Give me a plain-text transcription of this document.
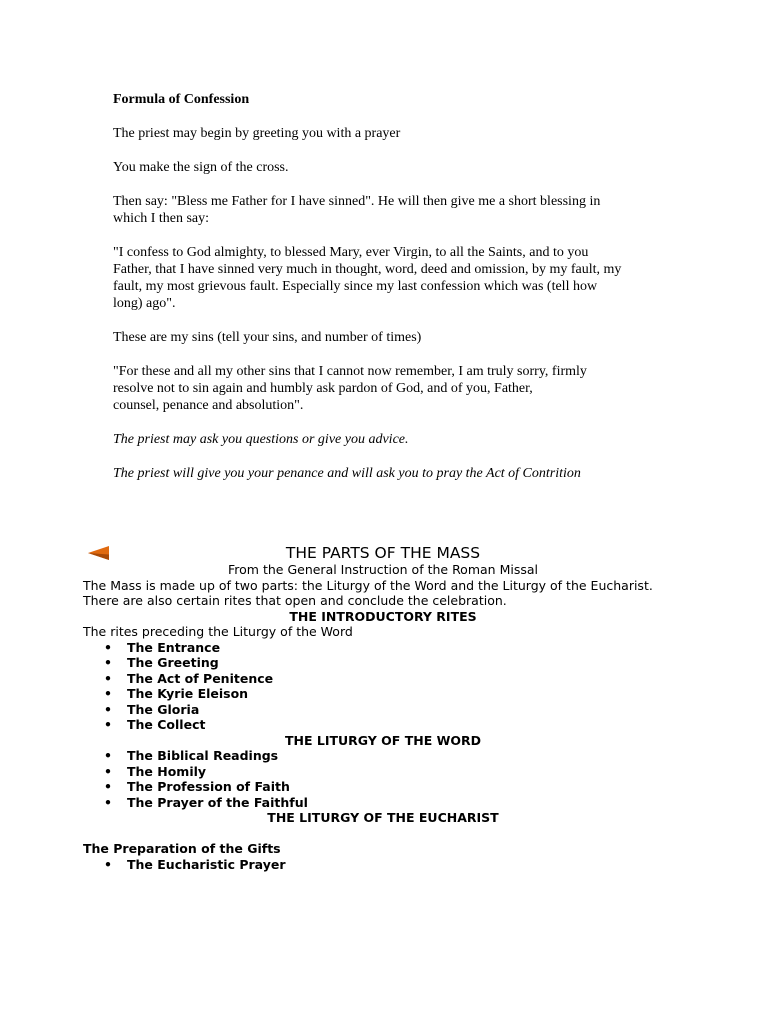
Formula of Confession

The priest may begin by greeting you with a prayer

You make the sign of the cross.

Then say: "Bless me Father for I have sinned". He will then give me a short blessing in
which I then say:

"I confess to God almighty, to blessed Mary, ever Virgin, to all the Saints, and to you
Father, that I have sinned very much in thought, word, deed and omission, by my fault, my
fault, my most grievous fault. Especially since my last confession which was (tell how
long) ago".

These are my sins (tell your sins, and number of times)

"For these and all my other sins that I cannot now remember, I am truly sorry, firmly
resolve not to sin again and humbly ask pardon of God, and of you, Father,
counsel, penance and absolution".

The priest may ask you questions or give you advice.

The priest will give you your penance and will ask you to pray the Act of Contrition

THE PARTS OF THE MASS

From the General Instruction of the Roman Missal

The Mass is made up of two parts: the Liturgy of the Word and the Liturgy of the Eucharist.
There are also certain rites that open and conclude the celebration.

THE INTRODUCTORY RITES

The rites preceding the Liturgy of the Word

• The Entrance
• The Greeting
• The Act of Penitence
• The Kyrie Eleison
• The Gloria
• The Collect

THE LITURGY OF THE WORD

• The Biblical Readings
• The Homily
• The Profession of Faith
• The Prayer of the Faithful

THE LITURGY OF THE EUCHARIST

The Preparation of the Gifts

• The Eucharistic Prayer
